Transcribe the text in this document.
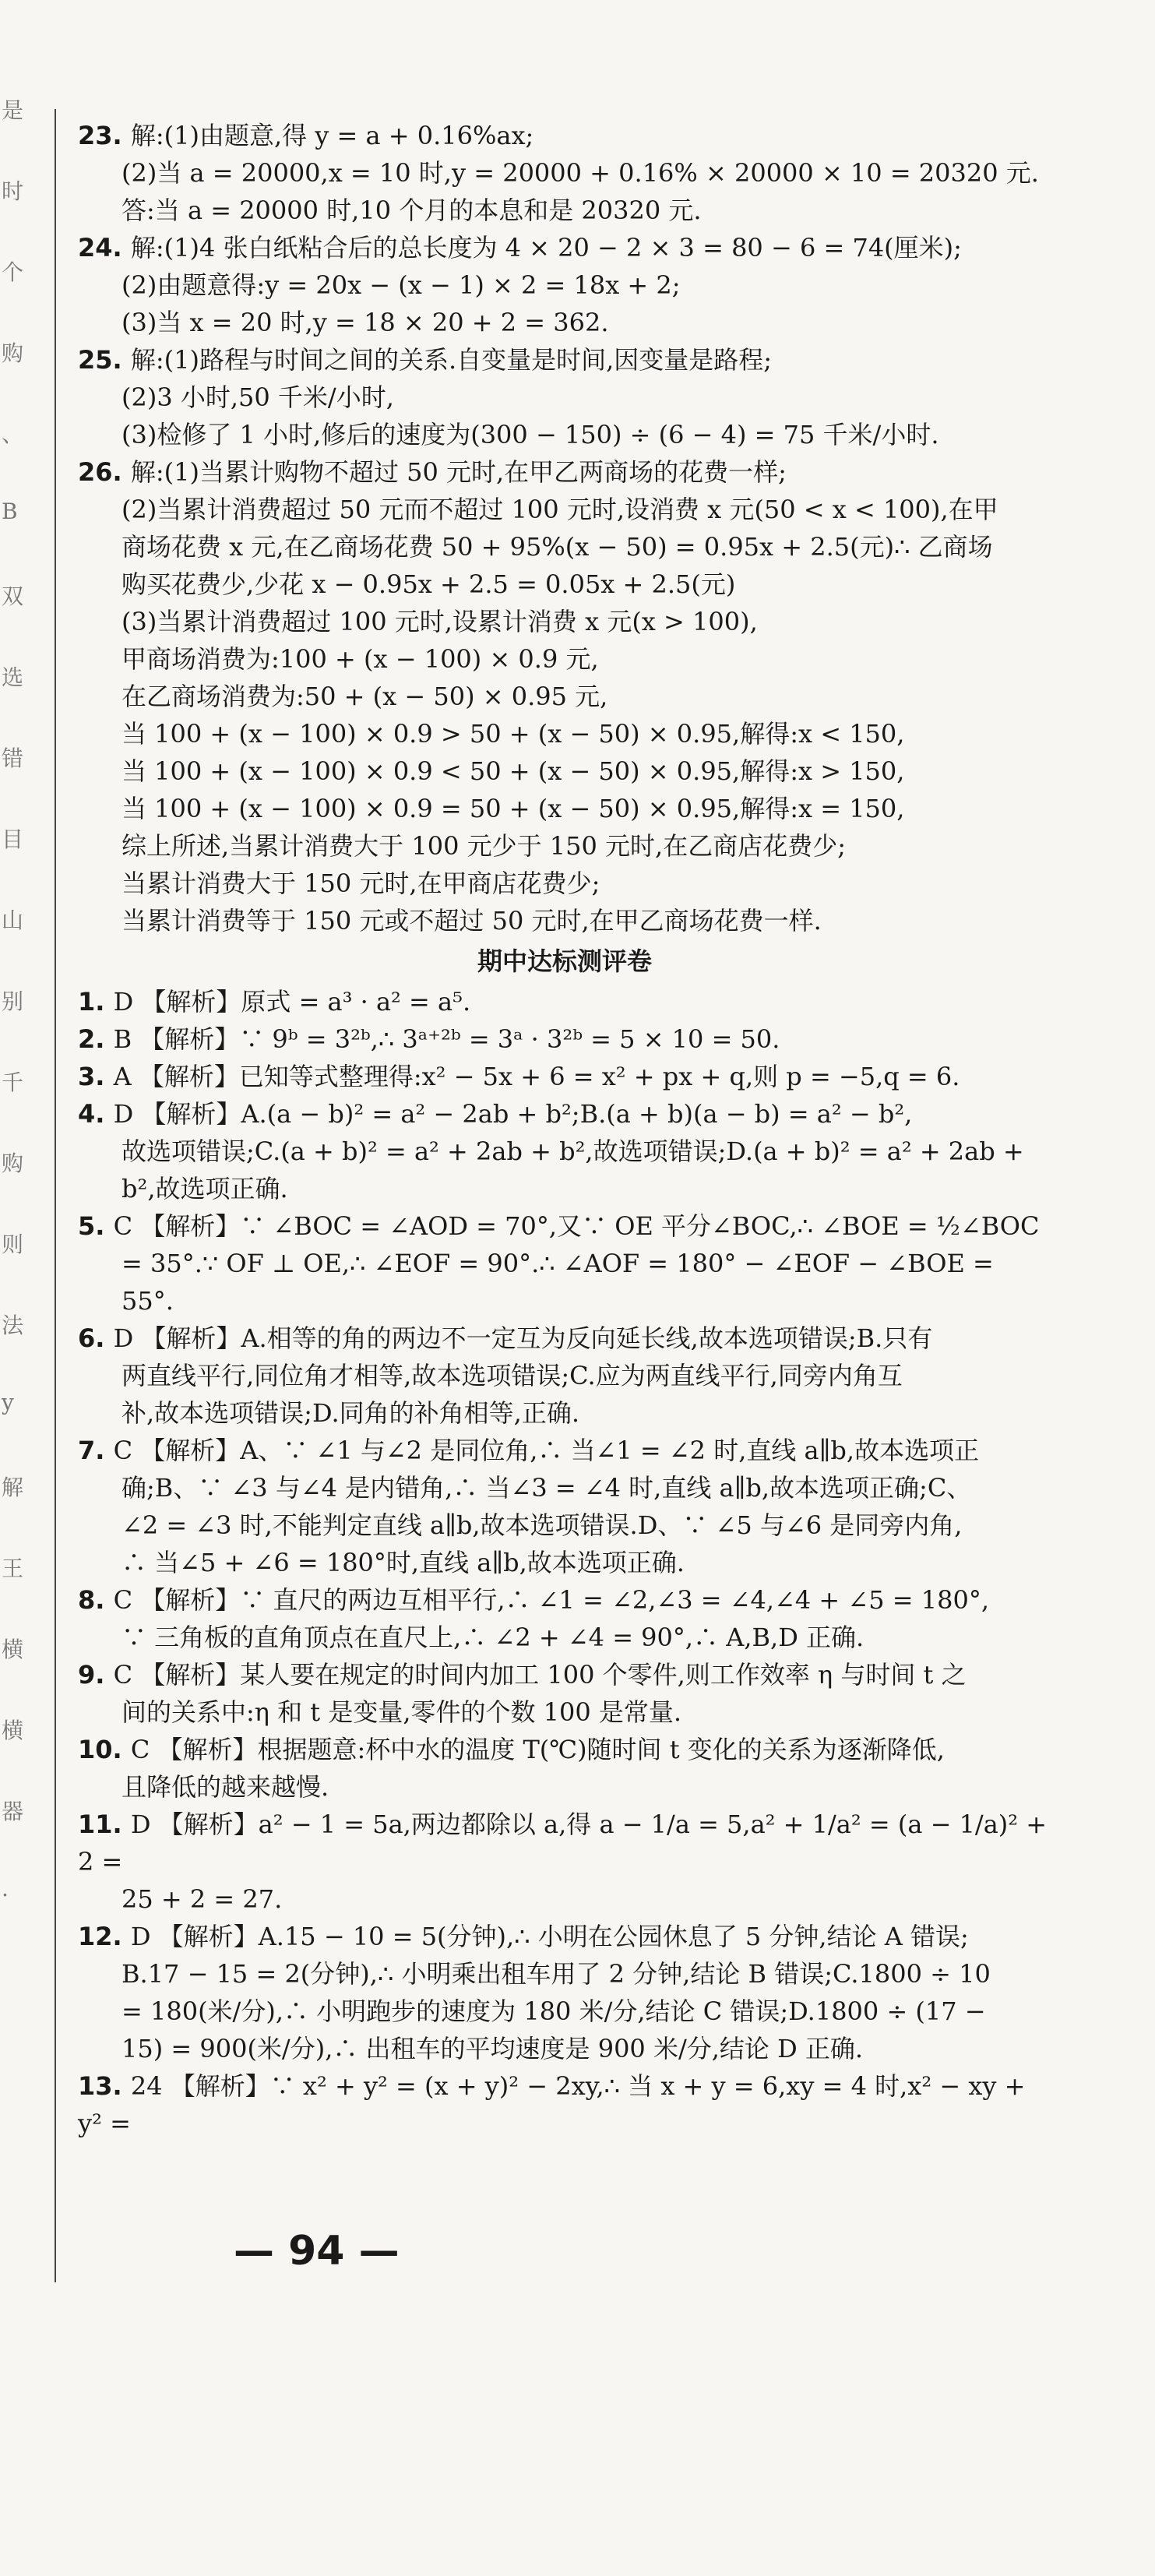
是
时
个
购
、
B
双
选
错
目
山
别
千
购
则
法
y
解
王
横
横
器
.
23. 解:(1)由题意,得 y = a + 0.16%ax;
(2)当 a = 20000,x = 10 时,y = 20000 + 0.16% × 20000 × 10 = 20320 元.
答:当 a = 20000 时,10 个月的本息和是 20320 元.
24. 解:(1)4 张白纸粘合后的总长度为 4 × 20 − 2 × 3 = 80 − 6 = 74(厘米);
(2)由题意得:y = 20x − (x − 1) × 2 = 18x + 2;
(3)当 x = 20 时,y = 18 × 20 + 2 = 362.
25. 解:(1)路程与时间之间的关系.自变量是时间,因变量是路程;
(2)3 小时,50 千米/小时,
(3)检修了 1 小时,修后的速度为(300 − 150) ÷ (6 − 4) = 75 千米/小时.
26. 解:(1)当累计购物不超过 50 元时,在甲乙两商场的花费一样;
(2)当累计消费超过 50 元而不超过 100 元时,设消费 x 元(50 < x < 100),在甲
商场花费 x 元,在乙商场花费 50 + 95%(x − 50) = 0.95x + 2.5(元)∴ 乙商场
购买花费少,少花 x − 0.95x + 2.5 = 0.05x + 2.5(元)
(3)当累计消费超过 100 元时,设累计消费 x 元(x > 100),
甲商场消费为:100 + (x − 100) × 0.9 元,
在乙商场消费为:50 + (x − 50) × 0.95 元,
当 100 + (x − 100) × 0.9 > 50 + (x − 50) × 0.95,解得:x < 150,
当 100 + (x − 100) × 0.9 < 50 + (x − 50) × 0.95,解得:x > 150,
当 100 + (x − 100) × 0.9 = 50 + (x − 50) × 0.95,解得:x = 150,
综上所述,当累计消费大于 100 元少于 150 元时,在乙商店花费少;
当累计消费大于 150 元时,在甲商店花费少;
当累计消费等于 150 元或不超过 50 元时,在甲乙商场花费一样.
期中达标测评卷
1. D 【解析】原式 = a³ · a² = a⁵.
2. B 【解析】∵ 9ᵇ = 3²ᵇ,∴ 3ᵃ⁺²ᵇ = 3ᵃ · 3²ᵇ = 5 × 10 = 50.
3. A 【解析】已知等式整理得:x² − 5x + 6 = x² + px + q,则 p = −5,q = 6.
4. D 【解析】A.(a − b)² = a² − 2ab + b²;B.(a + b)(a − b) = a² − b²,
故选项错误;C.(a + b)² = a² + 2ab + b²,故选项错误;D.(a + b)² = a² + 2ab +
b²,故选项正确.
5. C 【解析】∵ ∠BOC = ∠AOD = 70°,又∵ OE 平分∠BOC,∴ ∠BOE = ½∠BOC
= 35°.∵ OF ⊥ OE,∴ ∠EOF = 90°.∴ ∠AOF = 180° − ∠EOF − ∠BOE = 55°.
6. D 【解析】A.相等的角的两边不一定互为反向延长线,故本选项错误;B.只有
两直线平行,同位角才相等,故本选项错误;C.应为两直线平行,同旁内角互
补,故本选项错误;D.同角的补角相等,正确.
7. C 【解析】A、∵ ∠1 与∠2 是同位角,∴ 当∠1 = ∠2 时,直线 a∥b,故本选项正
确;B、∵ ∠3 与∠4 是内错角,∴ 当∠3 = ∠4 时,直线 a∥b,故本选项正确;C、
∠2 = ∠3 时,不能判定直线 a∥b,故本选项错误.D、∵ ∠5 与∠6 是同旁内角,
∴ 当∠5 + ∠6 = 180°时,直线 a∥b,故本选项正确.
8. C 【解析】∵ 直尺的两边互相平行,∴ ∠1 = ∠2,∠3 = ∠4,∠4 + ∠5 = 180°,
∵ 三角板的直角顶点在直尺上,∴ ∠2 + ∠4 = 90°,∴ A,B,D 正确.
9. C 【解析】某人要在规定的时间内加工 100 个零件,则工作效率 η 与时间 t 之
间的关系中:η 和 t 是变量,零件的个数 100 是常量.
10. C 【解析】根据题意:杯中水的温度 T(℃)随时间 t 变化的关系为逐渐降低,
且降低的越来越慢.
11. D 【解析】a² − 1 = 5a,两边都除以 a,得 a − 1/a = 5,a² + 1/a² = (a − 1/a)² + 2 =
25 + 2 = 27.
12. D 【解析】A.15 − 10 = 5(分钟),∴ 小明在公园休息了 5 分钟,结论 A 错误;
B.17 − 15 = 2(分钟),∴ 小明乘出租车用了 2 分钟,结论 B 错误;C.1800 ÷ 10
= 180(米/分),∴ 小明跑步的速度为 180 米/分,结论 C 错误;D.1800 ÷ (17 −
15) = 900(米/分),∴ 出租车的平均速度是 900 米/分,结论 D 正确.
13. 24 【解析】∵ x² + y² = (x + y)² − 2xy,∴ 当 x + y = 6,xy = 4 时,x² − xy + y² =
— 94 —
